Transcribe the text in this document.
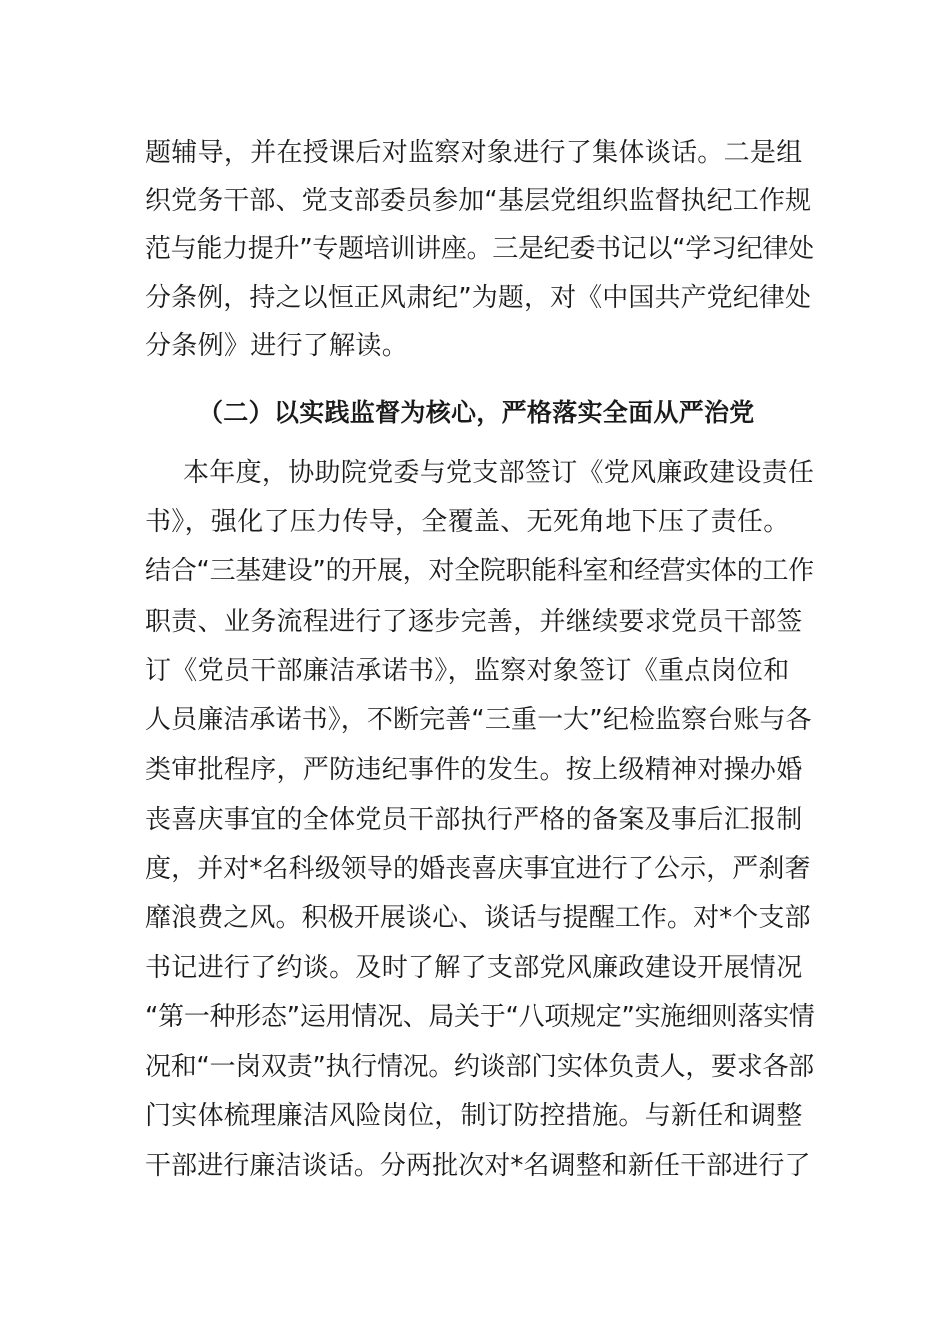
题辅导，并在授课后对监察对象进行了集体谈话。二是组
织党务干部、党支部委员参加“基层党组织监督执纪工作规
范与能力提升”专题培训讲座。三是纪委书记以“学习纪律处
分条例，持之以恒正风肃纪”为题，对《中国共产党纪律处
分条例》进行了解读。
（二）以实践监督为核心，严格落实全面从严治党
本年度，协助院党委与党支部签订《党风廉政建设责任
书》，强化了压力传导，全覆盖、无死角地下压了责任。
结合“三基建设”的开展，对全院职能科室和经营实体的工作
职责、业务流程进行了逐步完善，并继续要求党员干部签
订《党员干部廉洁承诺书》，监察对象签订《重点岗位和
人员廉洁承诺书》，不断完善“三重一大”纪检监察台账与各
类审批程序，严防违纪事件的发生。按上级精神对操办婚
丧喜庆事宜的全体党员干部执行严格的备案及事后汇报制
度，并对*名科级领导的婚丧喜庆事宜进行了公示，严刹奢
靡浪费之风。积极开展谈心、谈话与提醒工作。对*个支部
书记进行了约谈。及时了解了支部党风廉政建设开展情况
“第一种形态”运用情况、局关于“八项规定”实施细则落实情
况和“一岗双责”执行情况。约谈部门实体负责人，要求各部
门实体梳理廉洁风险岗位，制订防控措施。与新任和调整
干部进行廉洁谈话。分两批次对*名调整和新任干部进行了
